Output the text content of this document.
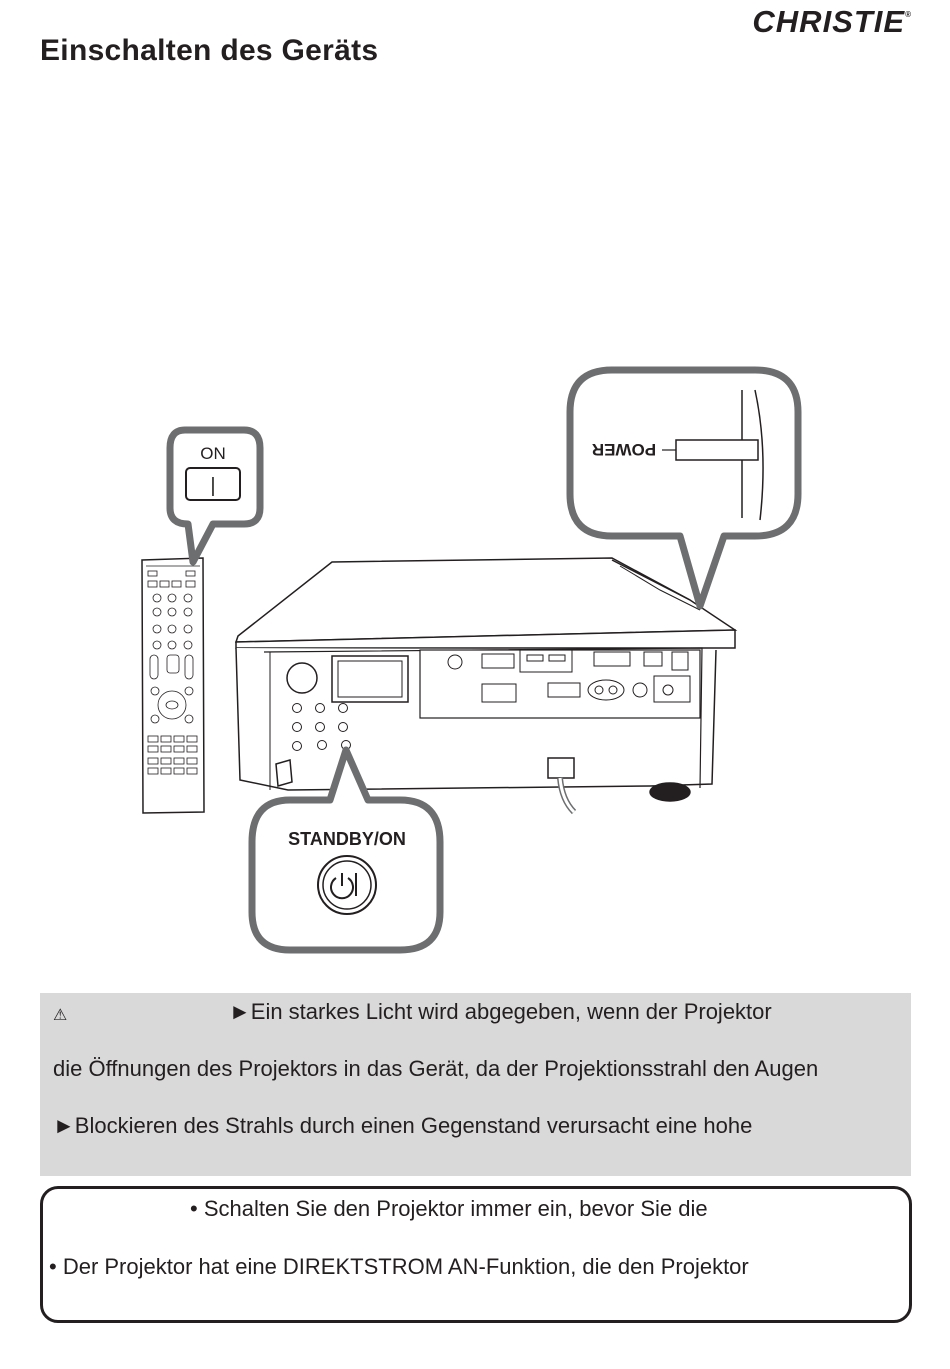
CHRISTIE®
Einschalten des Geräts
ON
|
POWER
STANDBY/ON
⚠	►Ein starkes Licht wird abgegeben, wenn der Projektor
die Öffnungen des Projektors in das Gerät, da der Projektionsstrahl den Augen
►Blockieren des Strahls durch einen Gegenstand verursacht eine hohe
• Schalten Sie den Projektor immer ein, bevor Sie die
• Der Projektor hat eine DIREKTSTROM AN-Funktion, die den Projektor
